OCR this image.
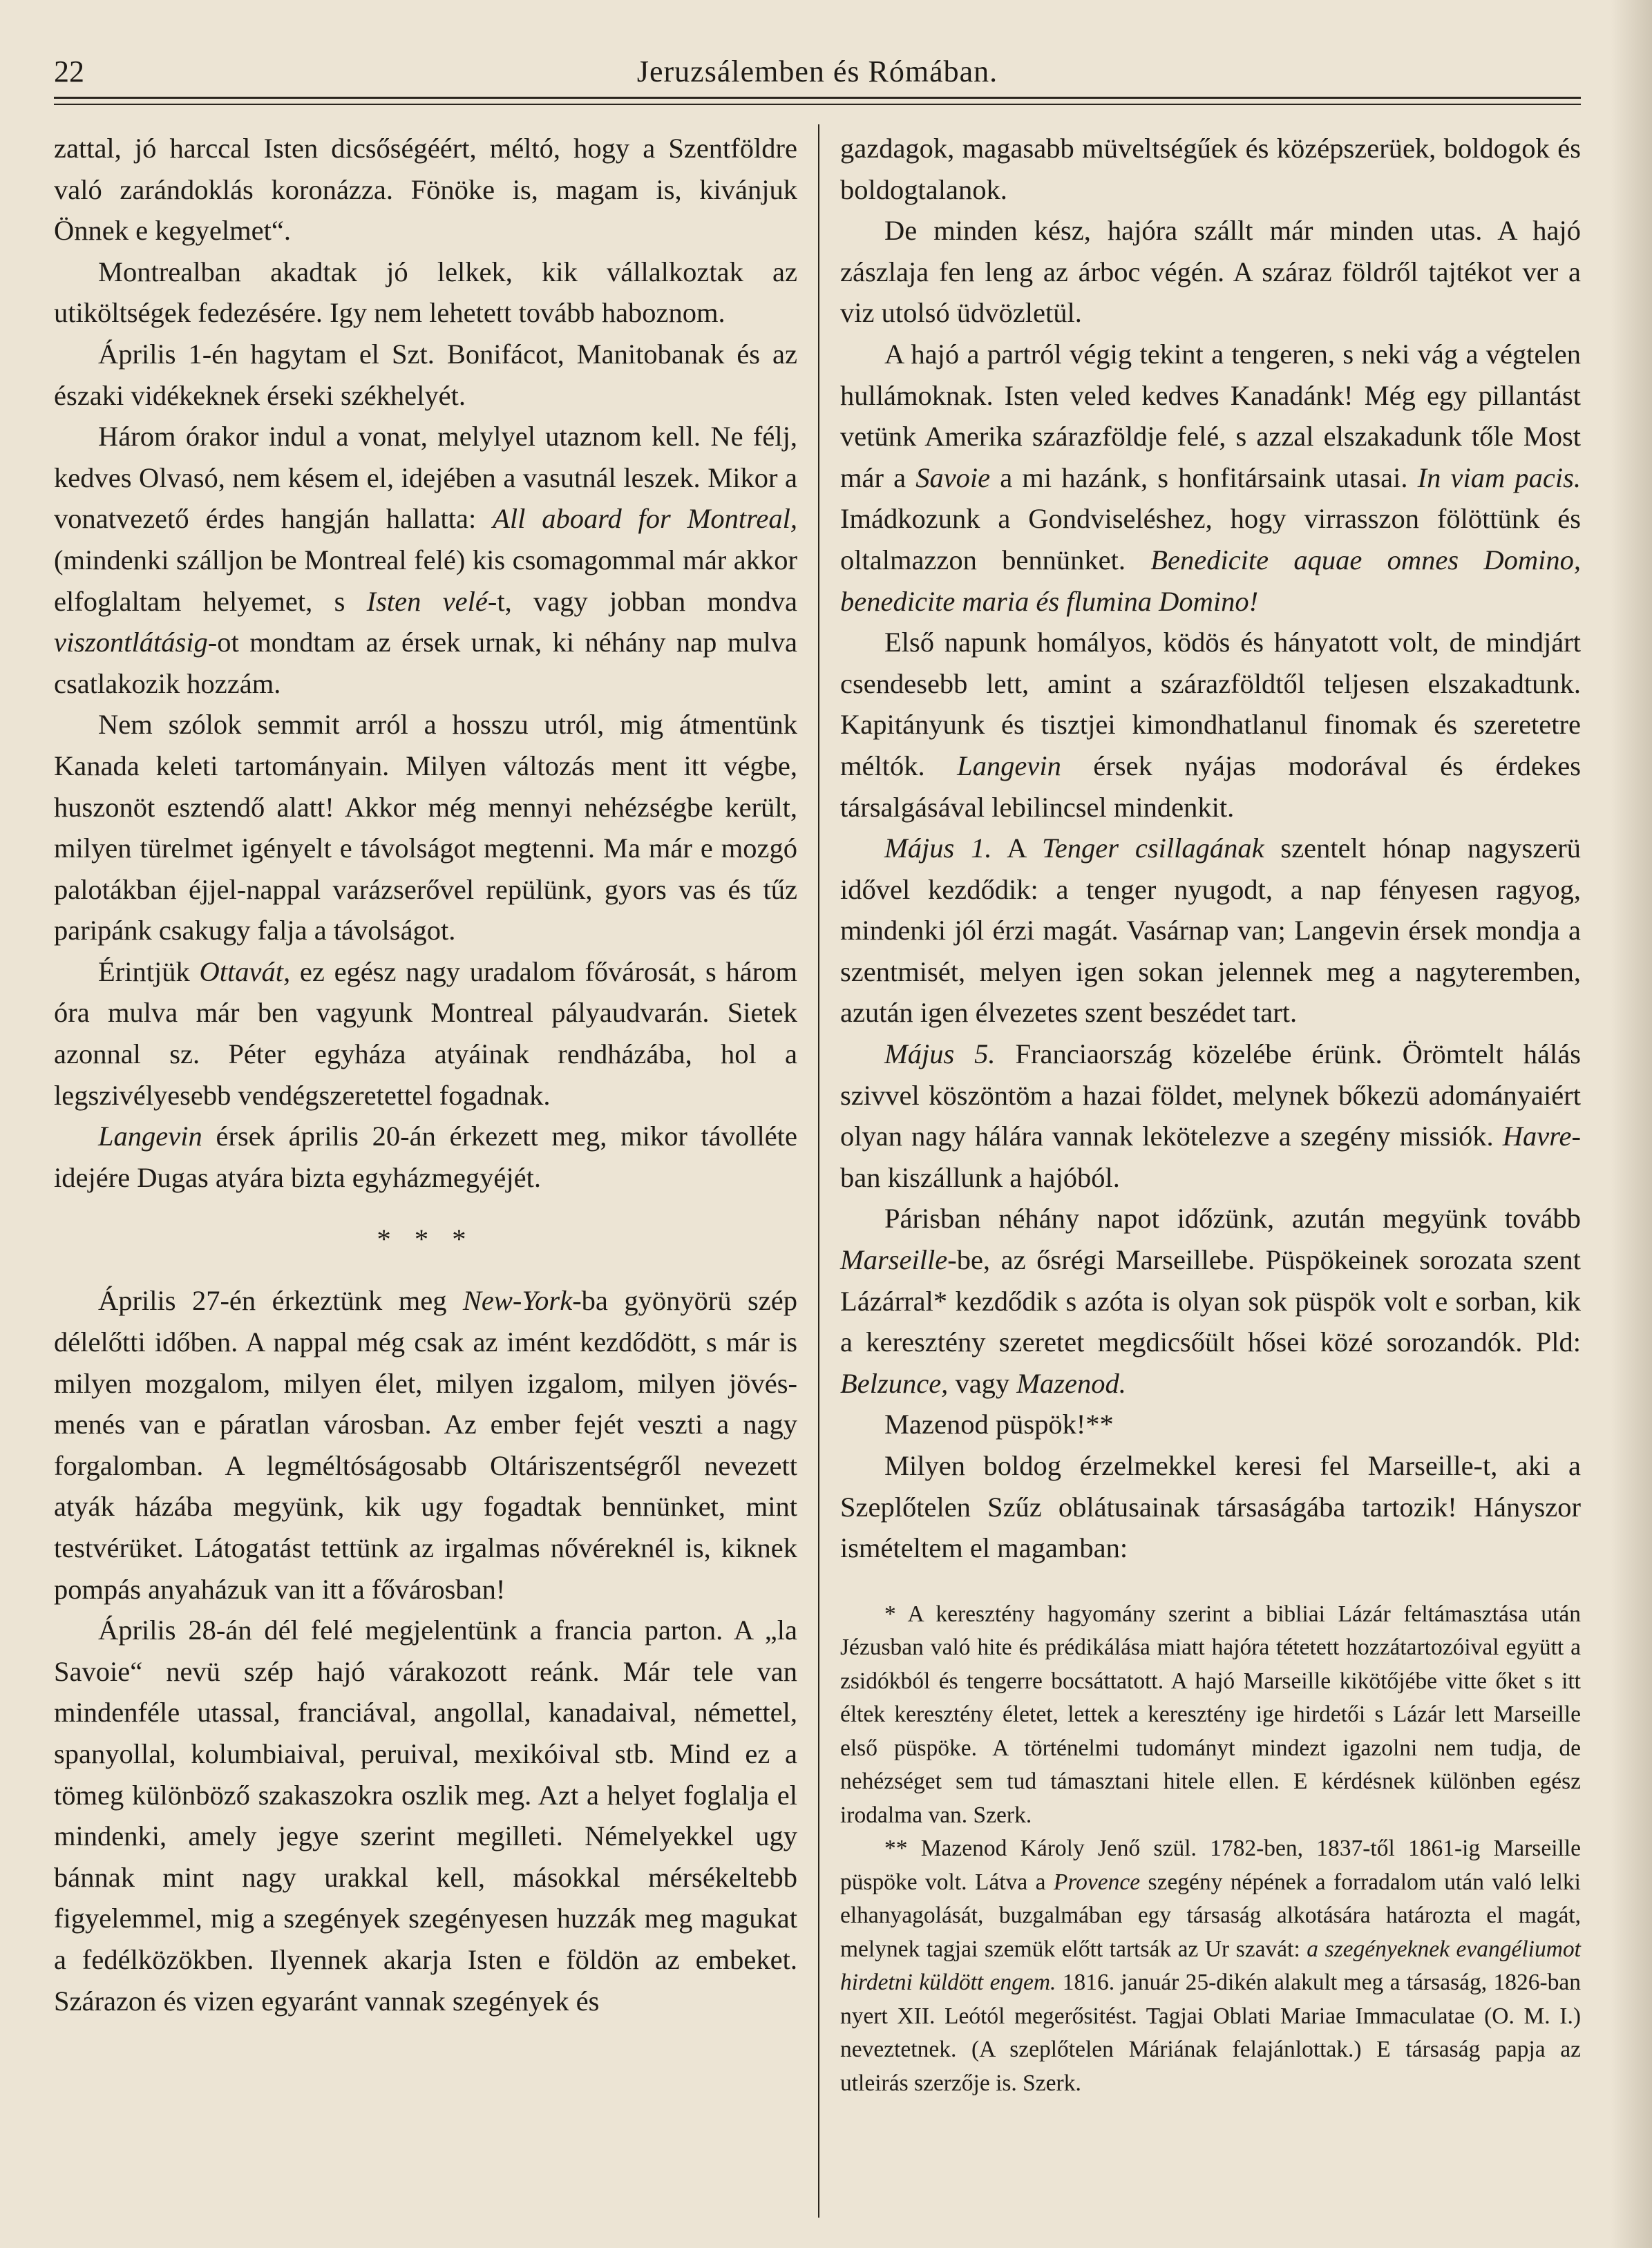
22	Jeruzsálemben és Rómában.

zattal, jó harccal Isten dicsőségéért, méltó, hogy a Szentföldre való zarándoklás koronázza. Fönöke is, magam is, kivánjuk Önnek e kegyelmet“.

Montrealban akadtak jó lelkek, kik vállalkoztak az utiköltségek fedezésére. Igy nem lehetett tovább haboznom.

Április 1-én hagytam el Szt. Bonifácot, Manitobanak és az északi vidékeknek érseki székhelyét.

Három órakor indul a vonat, melylyel utaznom kell. Ne félj, kedves Olvasó, nem késem el, idejében a vasutnál leszek. Mikor a vonatvezető érdes hangján hallatta: All aboard for Montreal, (mindenki szálljon be Montreal felé) kis csomagommal már akkor elfoglaltam helyemet, s Isten velé-t, vagy jobban mondva viszontlátásig-ot mondtam az érsek urnak, ki néhány nap mulva csatlakozik hozzám.

Nem szólok semmit arról a hosszu utról, mig átmentünk Kanada keleti tartományain. Milyen változás ment itt végbe, huszonöt esztendő alatt! Akkor még mennyi nehézségbe került, milyen türelmet igényelt e távolságot megtenni. Ma már e mozgó palotákban éjjel-nappal varázserővel repülünk, gyors vas és tűz paripánk csakugy falja a távolságot.

Érintjük Ottavát, ez egész nagy uradalom fővárosát, s három óra mulva már ben vagyunk Montreal pályaudvarán. Sietek azonnal sz. Péter egyháza atyáinak rendházába, hol a legszivélyesebb vendégszeretettel fogadnak.

Langevin érsek április 20-án érkezett meg, mikor távolléte idejére Dugas atyára bizta egyházmegyéjét.

* * *

Április 27-én érkeztünk meg New-York-ba gyönyörü szép délelőtti időben. A nappal még csak az imént kezdődött, s már is milyen mozgalom, milyen élet, milyen izgalom, milyen jövés-menés van e páratlan városban. Az ember fejét veszti a nagy forgalomban. A legméltóságosabb Oltáriszentségről nevezett atyák házába megyünk, kik ugy fogadtak bennünket, mint testvérüket. Látogatást tettünk az irgalmas nővéreknél is, kiknek pompás anyaházuk van itt a fővárosban!

Április 28-án dél felé megjelentünk a francia parton. A „la Savoie“ nevü szép hajó várakozott reánk. Már tele van mindenféle utassal, franciával, angollal, kanadaival, némettel, spanyollal, kolumbiaival, peruival, mexikóival stb. Mind ez a tömeg különböző szakaszokra oszlik meg. Azt a helyet foglalja el mindenki, amely jegye szerint megilleti. Némelyekkel ugy bánnak mint nagy urakkal kell, másokkal mérsékeltebb figyelemmel, mig a szegények szegényesen huzzák meg magukat a fedélközökben. Ilyennek akarja Isten e földön az embeket. Szárazon és vizen egyaránt vannak szegények és

gazdagok, magasabb müveltségűek és középszerüek, boldogok és boldogtalanok.

De minden kész, hajóra szállt már minden utas. A hajó zászlaja fen leng az árboc végén. A száraz földről tajtékot ver a viz utolsó üdvözletül.

A hajó a partról végig tekint a tengeren, s neki vág a végtelen hullámoknak. Isten veled kedves Kanadánk! Még egy pillantást vetünk Amerika szárazföldje felé, s azzal elszakadunk tőle Most már a Savoie a mi hazánk, s honfitársaink utasai. In viam pacis. Imádkozunk a Gondviseléshez, hogy virrasszon fölöttünk és oltalmazzon bennünket. Benedicite aquae omnes Domino, benedicite maria és flumina Domino!

Első napunk homályos, ködös és hányatott volt, de mindjárt csendesebb lett, amint a szárazföldtől teljesen elszakadtunk. Kapitányunk és tisztjei kimondhatlanul finomak és szeretetre méltók. Langevin érsek nyájas modorával és érdekes társalgásával lebilincsel mindenkit.

Május 1. A Tenger csillagának szentelt hónap nagyszerü idővel kezdődik: a tenger nyugodt, a nap fényesen ragyog, mindenki jól érzi magát. Vasárnap van; Langevin érsek mondja a szentmisét, melyen igen sokan jelennek meg a nagyteremben, azután igen élvezetes szent beszédet tart.

Május 5. Franciaország közelébe érünk. Örömtelt hálás szivvel köszöntöm a hazai földet, melynek bőkezü adományaiért olyan nagy hálára vannak lekötelezve a szegény missiók. Havre-ban kiszállunk a hajóból.

Párisban néhány napot időzünk, azután megyünk tovább Marseille-be, az ősrégi Marseillebe. Püspökeinek sorozata szent Lázárral* kezdődik s azóta is olyan sok püspök volt e sorban, kik a keresztény szeretet megdicsőült hősei közé sorozandók. Pld: Belzunce, vagy Mazenod.

Mazenod püspök!**

Milyen boldog érzelmekkel keresi fel Marseille-t, aki a Szeplőtelen Szűz oblátusainak társaságába tartozik! Hányszor ismételtem el magamban:

* A keresztény hagyomány szerint a bibliai Lázár feltámasztása után Jézusban való hite és prédikálása miatt hajóra tétetett hozzátartozóival együtt a zsidókból és tengerre bocsáttatott. A hajó Marseille kikötőjébe vitte őket s itt éltek keresztény életet, lettek a keresztény ige hirdetői s Lázár lett Marseille első püspöke. A történelmi tudományt mindezt igazolni nem tudja, de nehézséget sem tud támasztani hitele ellen. E kérdésnek különben egész irodalma van. Szerk.

** Mazenod Károly Jenő szül. 1782-ben, 1837-től 1861-ig Marseille püspöke volt. Látva a Provence szegény népének a forradalom után való lelki elhanyagolását, buzgalmában egy társaság alkotására határozta el magát, melynek tagjai szemük előtt tartsák az Ur szavát: a szegényeknek evangéliumot hirdetni küldött engem. 1816. január 25-dikén alakult meg a társaság, 1826-ban nyert XII. Leótól megerősitést. Tagjai Oblati Mariae Immaculatae (O. M. I.) neveztetnek. (A szeplőtelen Máriának felajánlottak.) E társaság papja az utleirás szerzője is. Szerk.
